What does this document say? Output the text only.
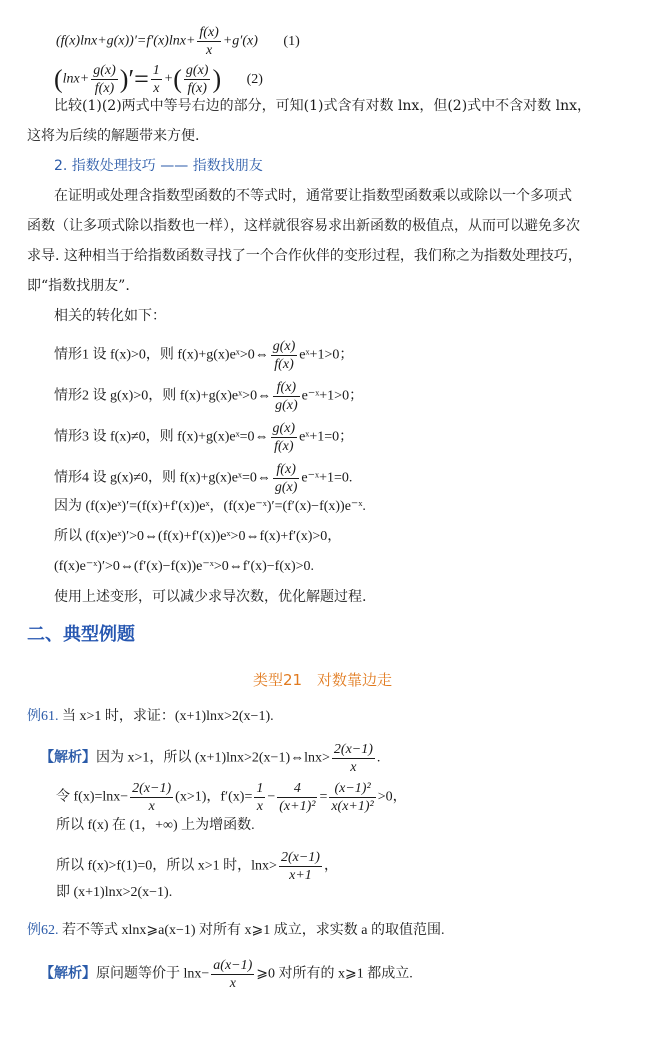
$(f(x)\ln x+g(x))'=f'(x)\ln x+ \frac{f(x)}{x} +g'(x)$ (1)
($\ln x+ \frac{g(x)}{f(x)}$ )′= $\frac{1}{x}$ +( $\frac{g(x)}{f(x)}$ ) (2)
比较(1)(2)两式中等号右边的部分，可知(1)式含有对数 lnx，但(2)式中不含对数 lnx，
这将为后续的解题带来方便.
2. 指数处理技巧 —— 指数找朋友
在证明或处理含指数型函数的不等式时，通常要让指数型函数乘以或除以一个多项式
函数（让多项式除以指数也一样），这样就很容易求出新函数的极值点，从而可以避免多次
求导. 这种相当于给指数函数寻找了一个合作伙伴的变形过程，我们称之为指数处理技巧，
即“指数找朋友”.
相关的转化如下：
情形1 设 f(x)>0，则 f(x)+g(x)eˣ>0⇔ $\frac{g(x)}{f(x)}$ eˣ+1>0；
情形2 设 g(x)>0，则 f(x)+g(x)eˣ>0⇔ $\frac{f(x)}{g(x)}$ e⁻ˣ+1>0；
情形3 设 f(x)≠0，则 f(x)+g(x)eˣ=0⇔ $\frac{g(x)}{f(x)}$ eˣ+1=0；
情形4 设 g(x)≠0，则 f(x)+g(x)eˣ=0⇔ $\frac{f(x)}{g(x)}$ e⁻ˣ+1=0.
因为 (f(x)eˣ)′=(f(x)+f′(x))eˣ，(f(x)e⁻ˣ)′=(f′(x)−f(x))e⁻ˣ.
所以 (f(x)eˣ)′>0⇔(f(x)+f′(x))eˣ>0⇔f(x)+f′(x)>0，
(f(x)e⁻ˣ)′>0⇔(f′(x)−f(x))e⁻ˣ>0⇔f′(x)−f(x)>0.
使用上述变形，可以减少求导次数，优化解题过程.
二、典型例题
类型21　对数靠边走
例61. 当 x>1 时，求证：(x+1)lnx>2(x−1).
【解析】因为 x>1，所以 (x+1)lnx>2(x−1)⇔lnx> $\frac{2(x-1)}{x}$ .
令 $f(x)=\ln x- \frac{2(x-1)}{x} (x>1)$，$f'(x)= \frac{1}{x} - \frac{4}{\text{(x+1)²}} = \frac{\text{(x−1)²}}{\text{x(x+1)²}} >0$，
所以 f(x) 在 (1，+∞) 上为增函数.
所以 f(x)>f(1)=0，所以 x>1 时，$\ln x> \frac{2(x-1)}{x+1}$ ，
即 (x+1)lnx>2(x−1).
例62. 若不等式 xlnx⩾a(x−1) 对所有 x⩾1 成立，求实数 a 的取值范围.
【解析】原问题等价于 $\ln x- \frac{a(x-1)}{x}$ ⩾0 对所有的 x⩾1 都成立.
